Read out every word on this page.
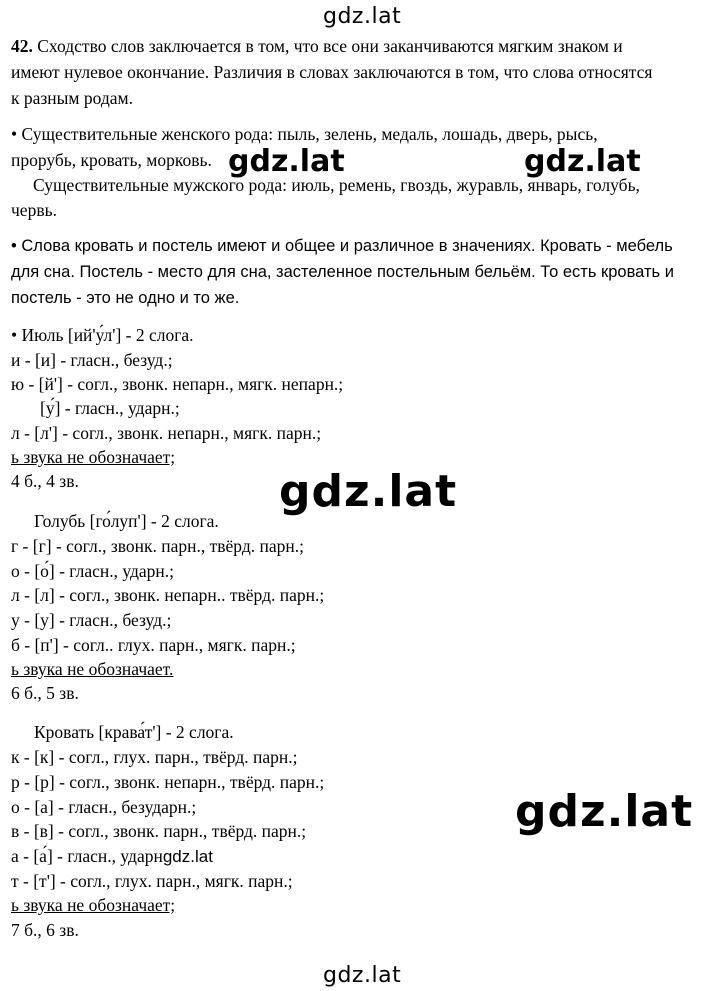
gdz.lat
gdz.lat	gdz.lat
gdz.lat
gdz.lat
gdz.lat
42. Сходство слов заключается в том, что все они заканчиваются мягким знаком и
имеют нулевое окончание. Различия в словах заключаются в том, что слова относятся
к разным родам.
• Существительные женского рода: пыль, зелень, медаль, лошадь, дверь, рысь,
прорубь, кровать, морковь.
Существительные мужского рода: июль, ремень, гвоздь, журавль, январь, голубь,
червь.
• Слова кровать и постель имеют и общее и различное в значениях. Кровать - мебель
для сна. Постель - место для сна, застеленное постельным бельём. То есть кровать и
постель - это не одно и то же.
• Июль [ий'у́л'] - 2 слога.
и - [и] - гласн., безуд.;
ю - [й'] - согл., звонк. непарн., мягк. непарн.;
[у́] - гласн., ударн.;
л - [л'] - согл., звонк. непарн., мягк. парн.;
ь звука не обозначает;
4 б., 4 зв.
Голубь [го́луп'] - 2 слога.
г - [г] - согл., звонк. парн., твёрд. парн.;
о - [о́] - гласн., ударн.;
л - [л] - согл., звонк. непарн.. твёрд. парн.;
у - [у] - гласн., безуд.;
б - [п'] - согл.. глух. парн., мягк. парн.;
ь звука не обозначает.
6 б., 5 зв.
Кровать [крава́т'] - 2 слога.
к - [к] - согл., глух. парн., твёрд. парн.;
р - [р] - согл., звонк. непарн., твёрд. парн.;
о - [а] - гласн., безударн.;
в - [в] - согл., звонк. парн., твёрд. парн.;
а - [а́] - гласн., ударнgdz.lat
т - [т'] - согл., глух. парн., мягк. парн.;
ь звука не обозначает;
7 б., 6 зв.
